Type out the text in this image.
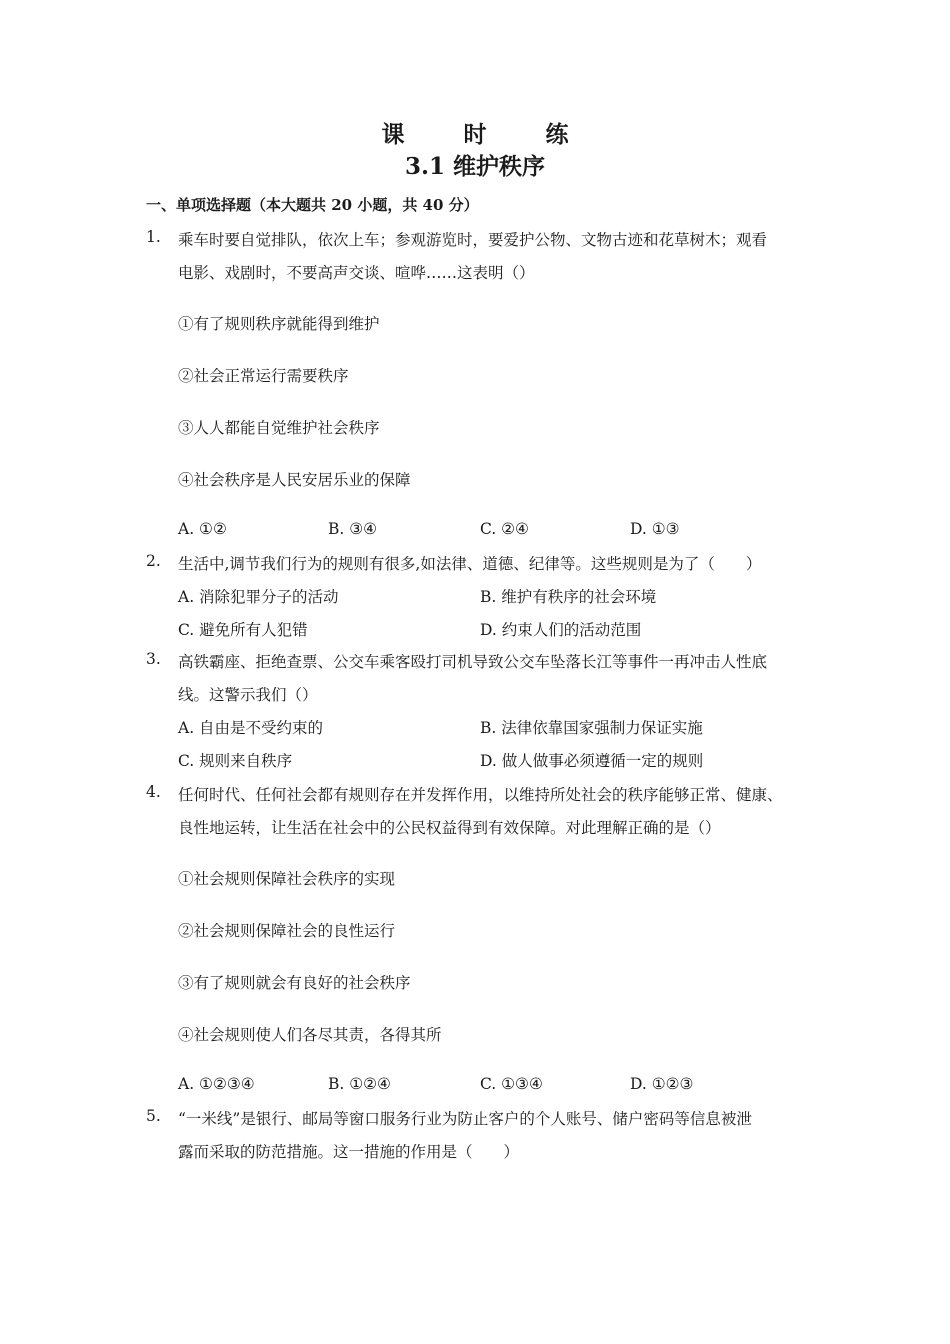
课　时　练
3.1 维护秩序
一、单项选择题（本大题共 20 小题，共 40 分）
1. 乘车时要自觉排队，依次上车；参观游览时，要爱护公物、文物古迹和花草树木；观看
电影、戏剧时，不要高声交谈、喧哗……这表明（）
①有了规则秩序就能得到维护
②社会正常运行需要秩序
③人人都能自觉维护社会秩序
④社会秩序是人民安居乐业的保障
A. ①②	B. ③④	C. ②④	D. ①③
2. 生活中,调节我们行为的规则有很多,如法律、道德、纪律等。这些规则是为了（　　）
A. 消除犯罪分子的活动	B. 维护有秩序的社会环境
C. 避免所有人犯错	D. 约束人们的活动范围
3. 高铁霸座、拒绝查票、公交车乘客殴打司机导致公交车坠落长江等事件一再冲击人性底
线。这警示我们（）
A. 自由是不受约束的	B. 法律依靠国家强制力保证实施
C. 规则来自秩序	D. 做人做事必须遵循一定的规则
4. 任何时代、任何社会都有规则存在并发挥作用，以维持所处社会的秩序能够正常、健康、
良性地运转，让生活在社会中的公民权益得到有效保障。对此理解正确的是（）
①社会规则保障社会秩序的实现
②社会规则保障社会的良性运行
③有了规则就会有良好的社会秩序
④社会规则使人们各尽其责，各得其所
A. ①②③④	B. ①②④	C. ①③④	D. ①②③
5. “一米线”是银行、邮局等窗口服务行业为防止客户的个人账号、储户密码等信息被泄
露而采取的防范措施。这一措施的作用是（　　）
